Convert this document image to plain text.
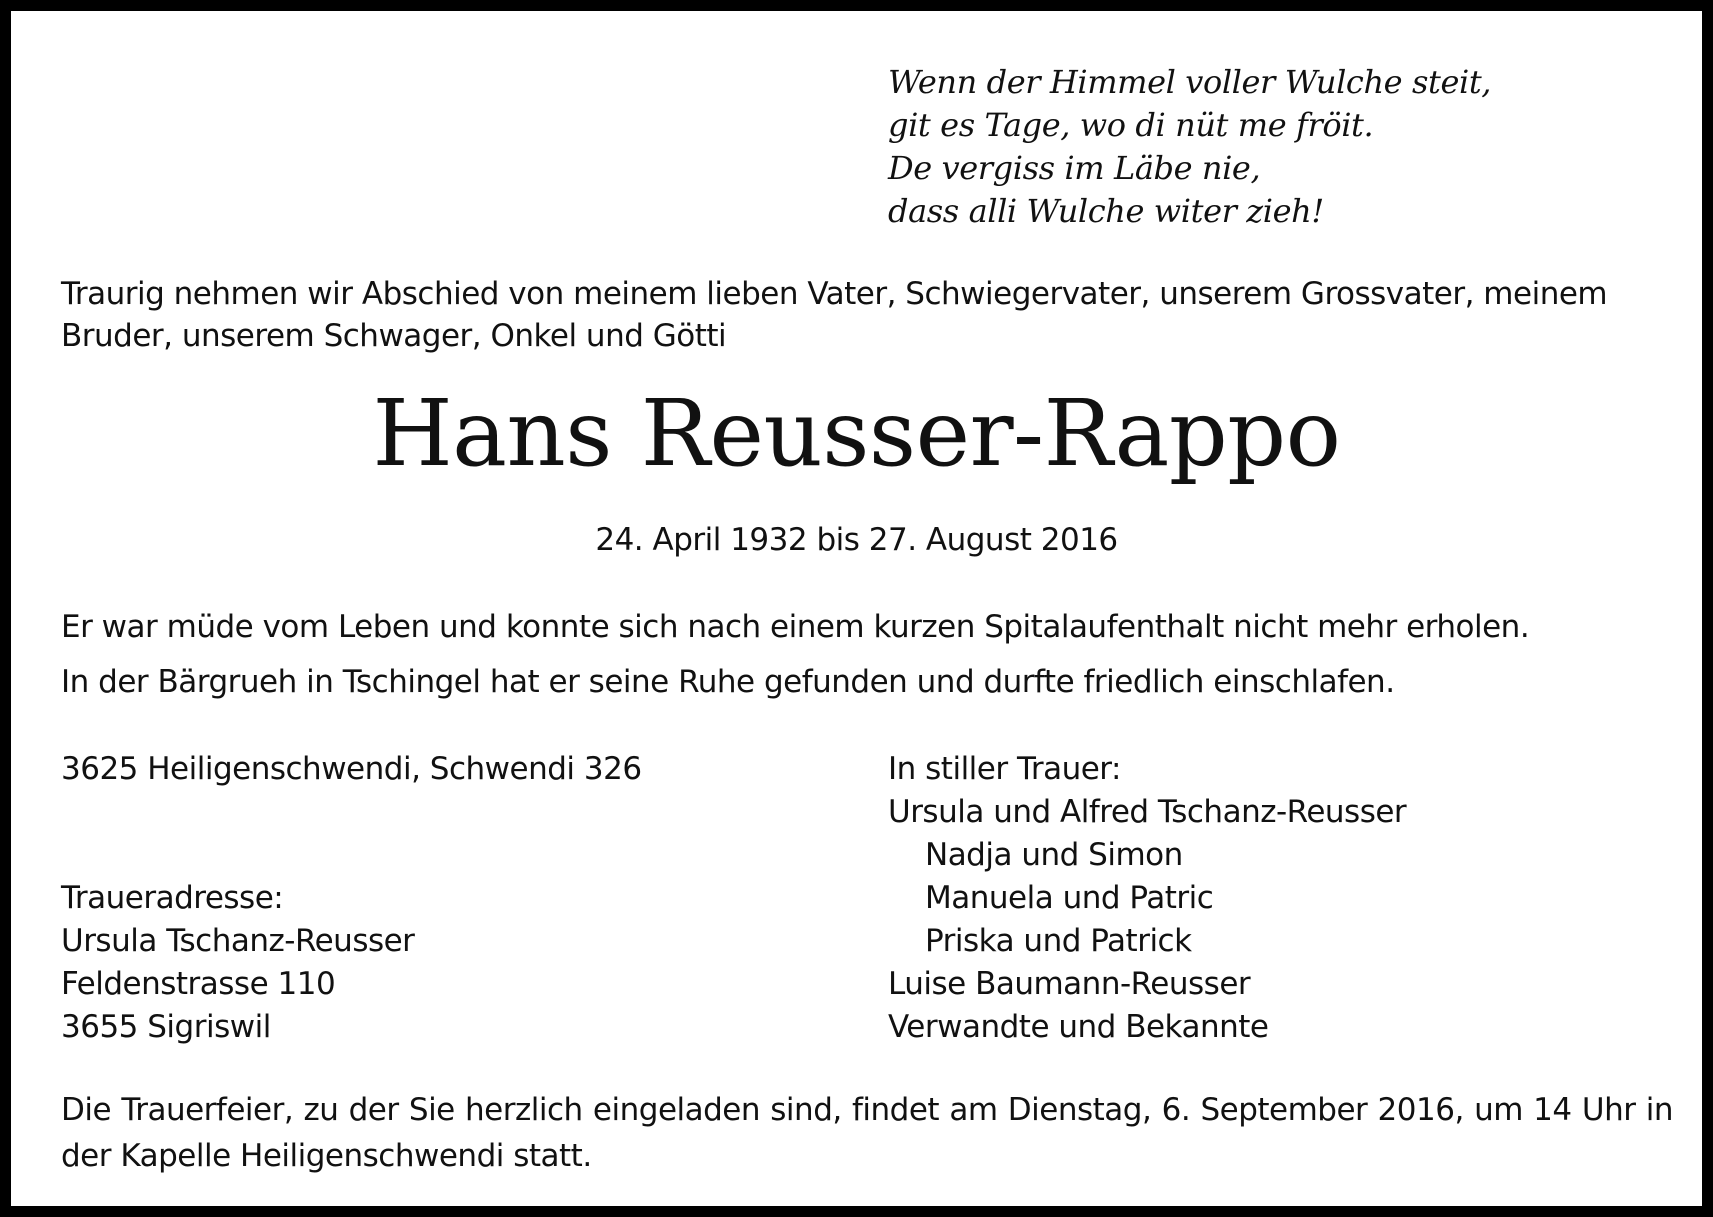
Wenn der Himmel voller Wulche steit,
git es Tage, wo di nüt me fröit.
De vergiss im Läbe nie,
dass alli Wulche witer zieh!
Traurig nehmen wir Abschied von meinem lieben Vater, Schwiegervater, unserem Grossvater, meinem Bruder, unserem Schwager, Onkel und Götti
Hans Reusser-Rappo
24. April 1932 bis 27. August 2016
Er war müde vom Leben und konnte sich nach einem kurzen Spitalaufenthalt nicht mehr erholen.
In der Bärgrueh in Tschingel hat er seine Ruhe gefunden und durfte friedlich einschlafen.
3625 Heiligenschwendi, Schwendi 326
Traueradresse:
Ursula Tschanz-Reusser
Feldenstrasse 110
3655 Sigriswil
In stiller Trauer:
Ursula und Alfred Tschanz-Reusser
Nadja und Simon
Manuela und Patric
Priska und Patrick
Luise Baumann-Reusser
Verwandte und Bekannte
Die Trauerfeier, zu der Sie herzlich eingeladen sind, findet am Dienstag, 6. September 2016, um 14 Uhr in der Kapelle Heiligenschwendi statt.
